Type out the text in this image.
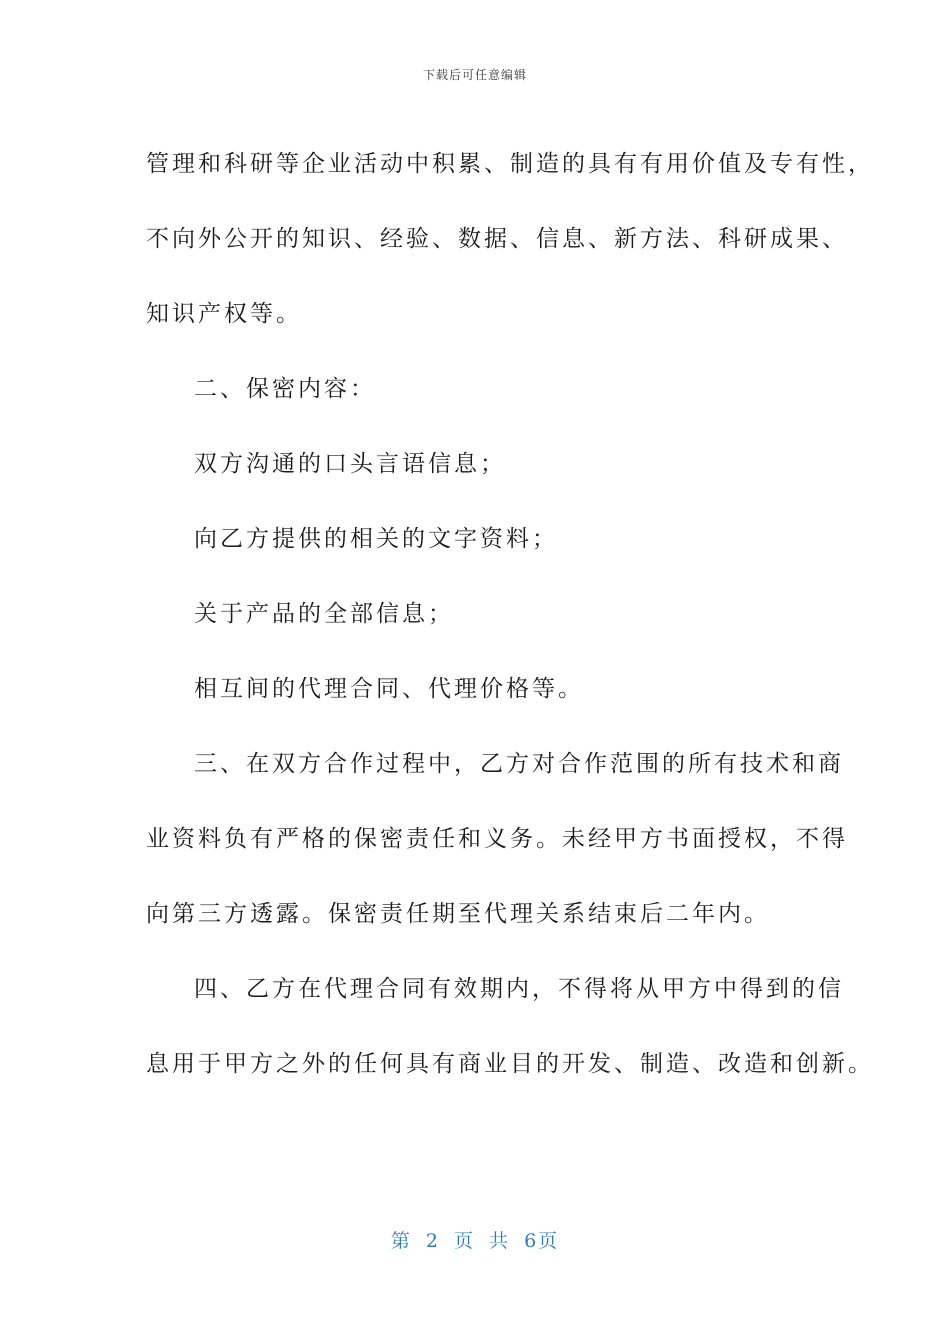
下载后可任意编辑
管理和科研等企业活动中积累、制造的具有有用价值及专有性，
不向外公开的知识、经验、数据、信息、新方法、科研成果、
知识产权等。
二、保密内容：
双方沟通的口头言语信息；
向乙方提供的相关的文字资料；
关于产品的全部信息；
相互间的代理合同、代理价格等。
三、在双方合作过程中，乙方对合作范围的所有技术和商
业资料负有严格的保密责任和义务。未经甲方书面授权，不得
向第三方透露。保密责任期至代理关系结束后二年内。
四、乙方在代理合同有效期内，不得将从甲方中得到的信
息用于甲方之外的任何具有商业目的开发、制造、改造和创新。
第 2 页 共 6页
